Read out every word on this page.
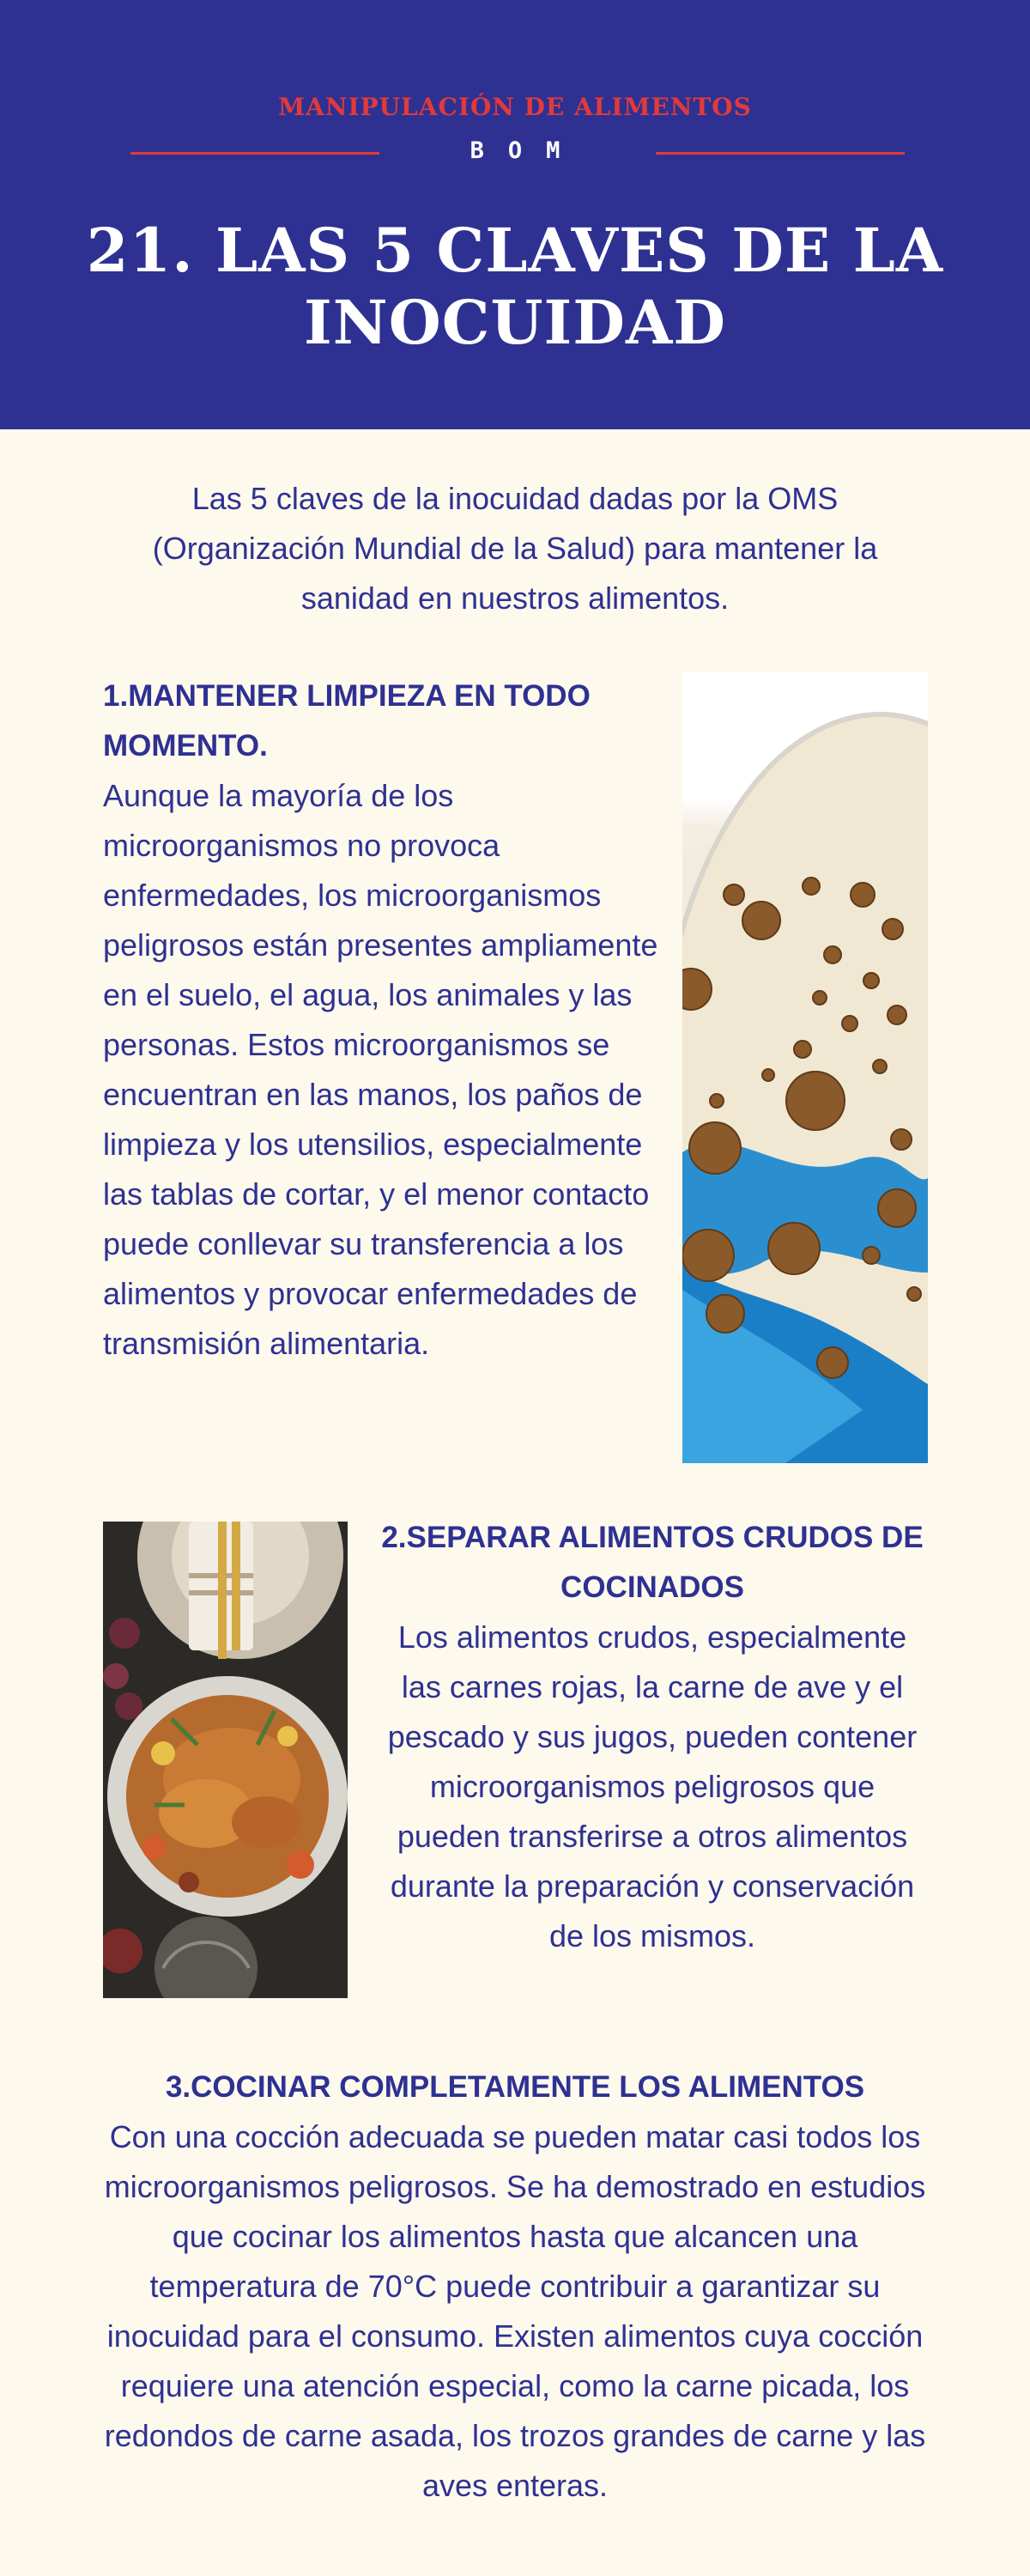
MANIPULACIÓN DE ALIMENTOS
BOM
21. LAS 5 CLAVES DE LA INOCUIDAD

Las 5 claves de la inocuidad dadas por la OMS (Organización Mundial de la Salud) para mantener la sanidad en nuestros alimentos.

1.MANTENER LIMPIEZA EN TODO MOMENTO.

Aunque la mayoría de los microorganismos no provoca enfermedades, los microorganismos peligrosos están presentes ampliamente en el suelo, el agua, los animales y las personas. Estos microorganismos se encuentran en las manos, los paños de limpieza y los utensilios, especialmente las tablas de cortar, y el menor contacto puede conllevar su transferencia a los alimentos y provocar enfermedades de transmisión alimentaria.

2.SEPARAR ALIMENTOS CRUDOS DE COCINADOS

Los alimentos crudos, especialmente las carnes rojas, la carne de ave y el pescado y sus jugos, pueden contener microorganismos peligrosos que pueden transferirse a otros alimentos durante la preparación y conservación de los mismos.

3.COCINAR COMPLETAMENTE LOS ALIMENTOS

Con una cocción adecuada se pueden matar casi todos los microorganismos peligrosos. Se ha demostrado en estudios que cocinar los alimentos hasta que alcancen una temperatura de 70°C puede contribuir a garantizar su inocuidad para el consumo. Existen alimentos cuya cocción requiere una atención especial, como la carne picada, los redondos de carne asada, los trozos grandes de carne y las aves enteras.
